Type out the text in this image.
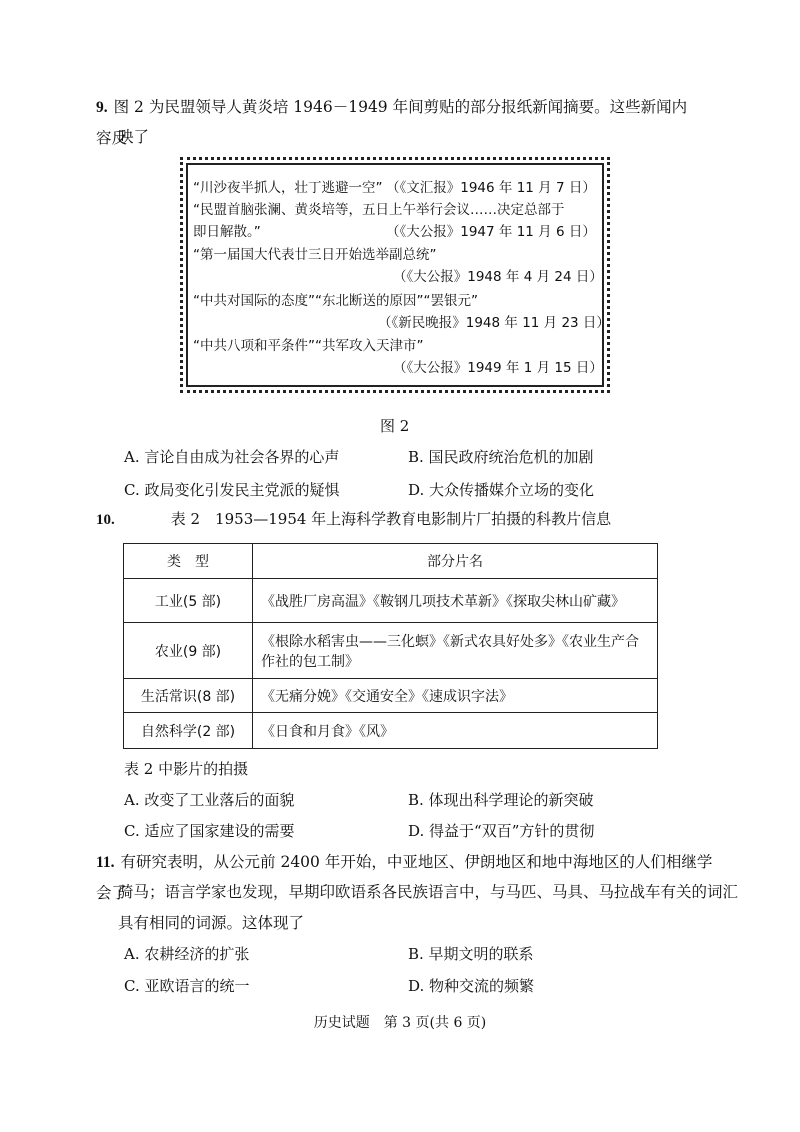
9. 图 2 为民盟领导人黄炎培 1946－1949 年间剪贴的部分报纸新闻摘要。这些新闻内容反
映了
“川沙夜半抓人，壮丁逃避一空” （《文汇报》1946 年 11 月 7 日）
“民盟首脑张澜、黄炎培等，五日上午举行会议……决定总部于
即日解散。”	（《大公报》1947 年 11 月 6 日）
“第一届国大代表廿三日开始选举副总统”
（《大公报》1948 年 4 月 24 日）
“中共对国际的态度”“东北断送的原因”“罢银元”
（《新民晚报》1948 年 11 月 23 日）
“中共八项和平条件”“共军攻入天津市”
（《大公报》1949 年 1 月 15 日）
图 2
A. 言论自由成为社会各界的心声	B. 国民政府统治危机的加剧
C. 政局变化引发民主党派的疑惧	D. 大众传播媒介立场的变化
10.	表 2　1953—1954 年上海科学教育电影制片厂拍摄的科教片信息
类　型	部分片名
工业(5 部)	《战胜厂房高温》《鞍钢几项技术革新》《探取尖林山矿藏》
农业(9 部)	《根除水稻害虫——三化螟》《新式农具好处多》《农业生产合作社的包工制》
生活常识(8 部)	《无痛分娩》《交通安全》《速成识字法》
自然科学(2 部)	《日食和月食》《风》
表 2 中影片的拍摄
A. 改变了工业落后的面貌	B. 体现出科学理论的新突破
C. 适应了国家建设的需要	D. 得益于“双百”方针的贯彻
11. 有研究表明，从公元前 2400 年开始，中亚地区、伊朗地区和地中海地区的人们相继学会了
骑马；语言学家也发现，早期印欧语系各民族语言中，与马匹、马具、马拉战车有关的词汇
具有相同的词源。这体现了
A. 农耕经济的扩张	B. 早期文明的联系
C. 亚欧语言的统一	D. 物种交流的频繁
历史试题　第 3 页(共 6 页)
